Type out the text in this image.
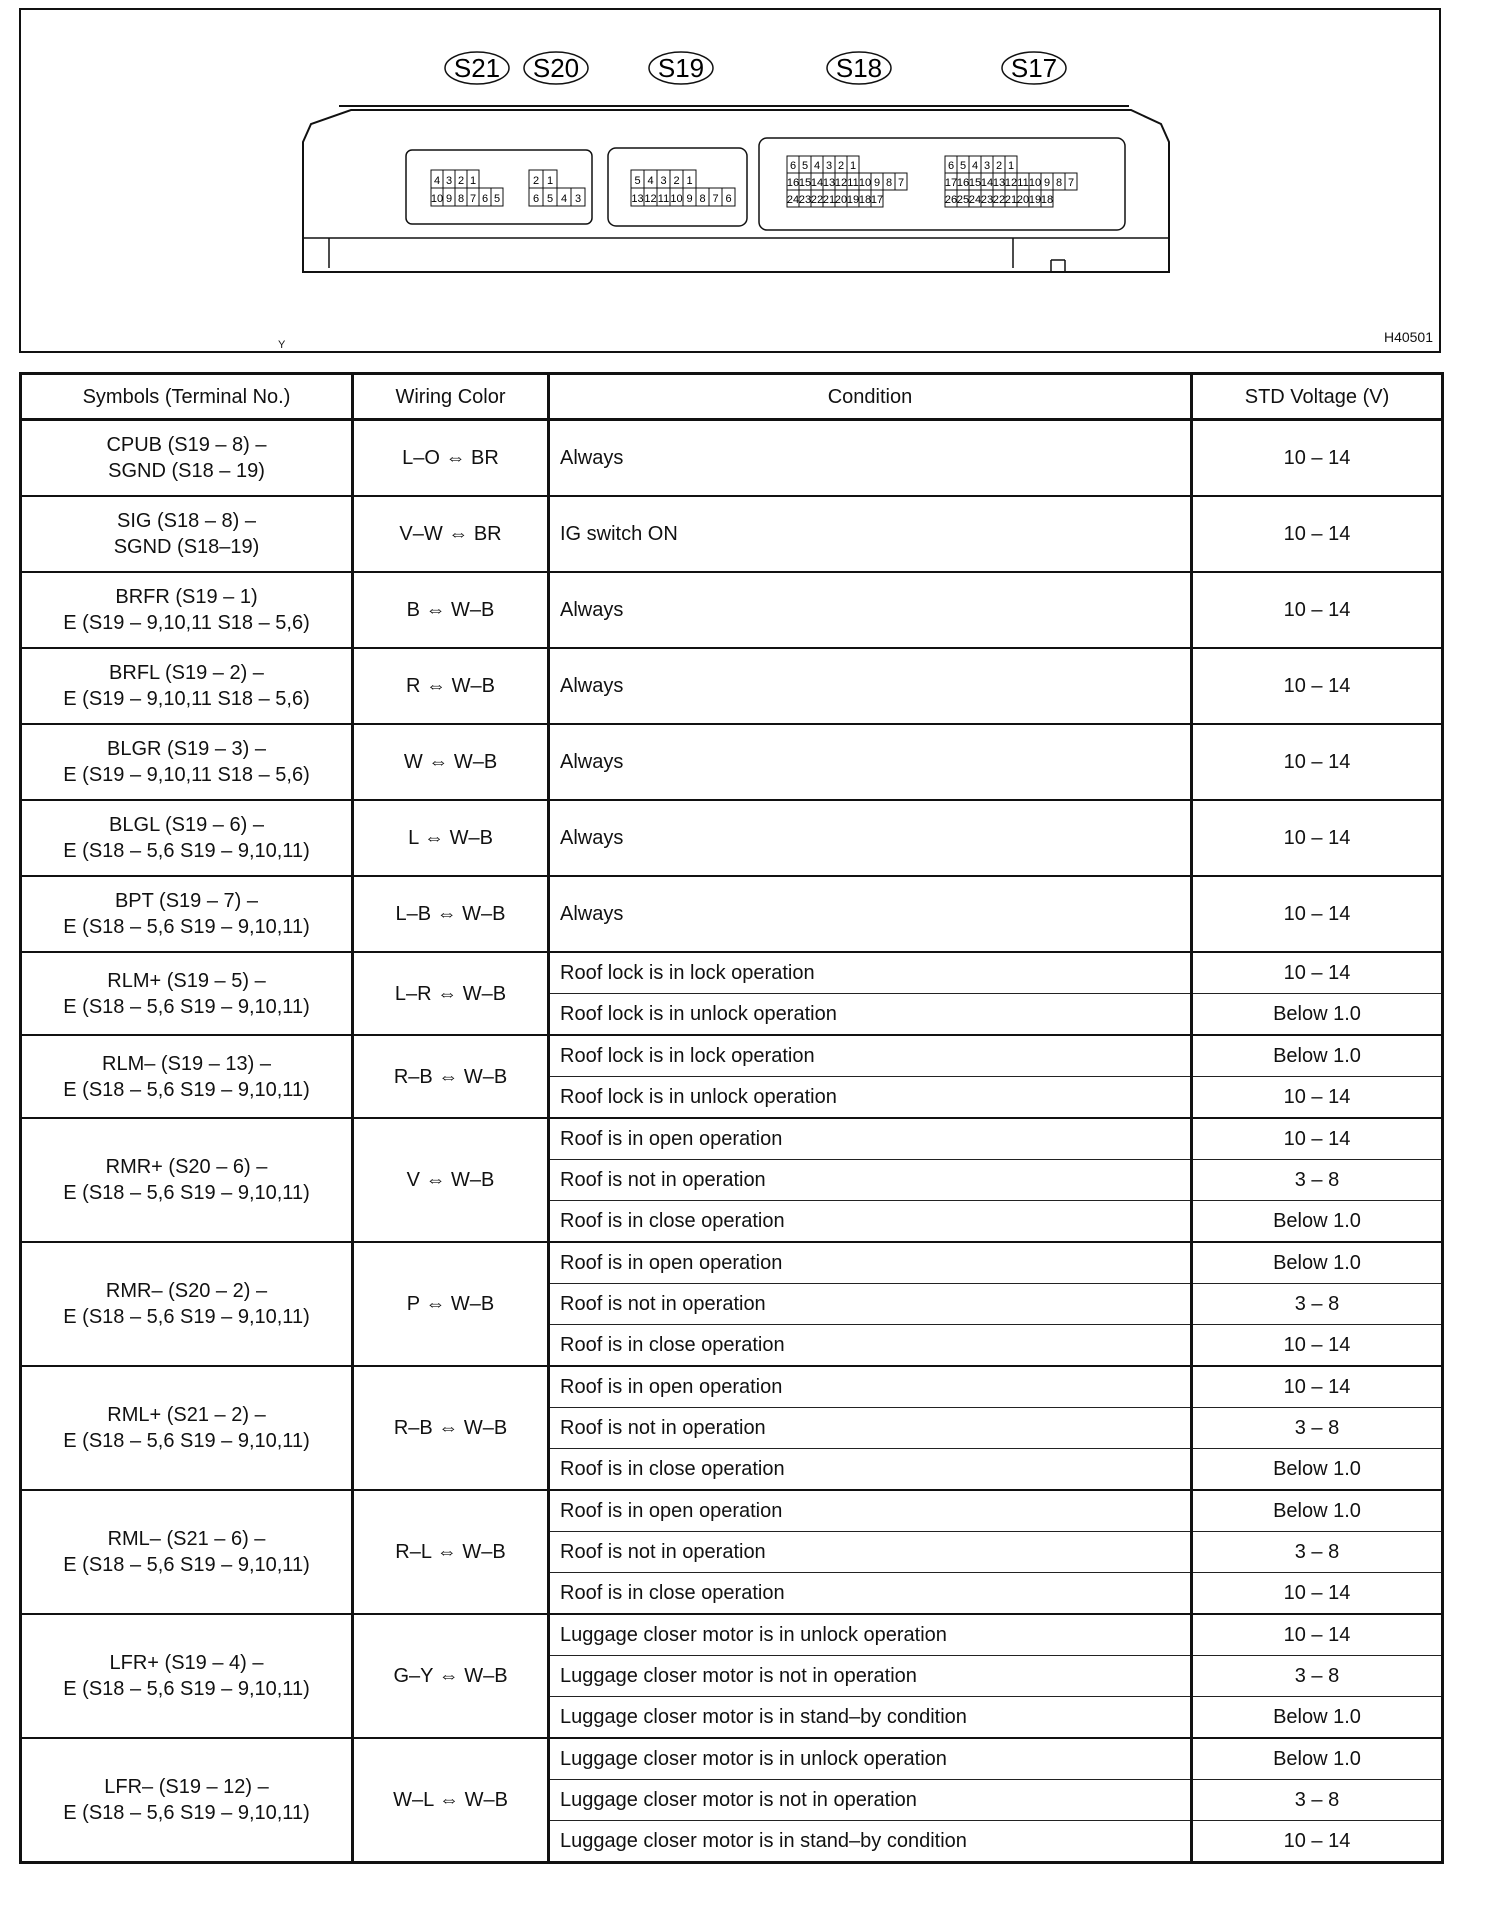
S21 S20	S19	S18	S17
4 3 2 1
10 9 8 7 6 5
2 1
6 5 4 3
5 4 3 2 1
13 12 11 10 9 8 7 6
6 5 4 3 2 1
16 15 14 13 12 11 10 9 8 7
24 23 22 21 20 19 18 17
6 5 4 3 2 1
17 16 15 14 13 12 11 10 9 8 7
26 25 24 23 22 21 20 19 18
Y	H40501
Symbols (Terminal No.)	Wiring Color	Condition	STD Voltage (V)

CPUB (S19 – 8) –
SGND (S18 – 19)	L–O ⇔ BR	Always	10 – 14

SIG (S18 – 8) –
SGND (S18–19)	V–W ⇔ BR	IG switch ON	10 – 14

BRFR (S19 – 1)
E (S19 – 9,10,11 S18 – 5,6)	B ⇔ W–B	Always	10 – 14

BRFL (S19 – 2) –
E (S19 – 9,10,11 S18 – 5,6)	R ⇔ W–B	Always	10 – 14

BLGR (S19 – 3) –
E (S19 – 9,10,11 S18 – 5,6)	W ⇔ W–B	Always	10 – 14

BLGL (S19 – 6) –
E (S18 – 5,6 S19 – 9,10,11)	L ⇔ W–B	Always	10 – 14

BPT (S19 – 7) –
E (S18 – 5,6 S19 – 9,10,11)	L–B ⇔ W–B	Always	10 – 14

RLM+ (S19 – 5) –
E (S18 – 5,6 S19 – 9,10,11)	L–R ⇔ W–B	Roof lock is in lock operation	10 – 14
		Roof lock is in unlock operation	Below 1.0

RLM– (S19 – 13) –
E (S18 – 5,6 S19 – 9,10,11)	R–B ⇔ W–B	Roof lock is in lock operation	Below 1.0
		Roof lock is in unlock operation	10 – 14

RMR+ (S20 – 6) –
E (S18 – 5,6 S19 – 9,10,11)	V ⇔ W–B	Roof is in open operation	10 – 14
		Roof is not in operation	3 – 8
		Roof is in close operation	Below 1.0

RMR– (S20 – 2) –
E (S18 – 5,6 S19 – 9,10,11)	P ⇔ W–B	Roof is in open operation	Below 1.0
		Roof is not in operation	3 – 8
		Roof is in close operation	10 – 14

RML+ (S21 – 2) –
E (S18 – 5,6 S19 – 9,10,11)	R–B ⇔ W–B	Roof is in open operation	10 – 14
		Roof is not in operation	3 – 8
		Roof is in close operation	Below 1.0

RML– (S21 – 6) –
E (S18 – 5,6 S19 – 9,10,11)	R–L ⇔ W–B	Roof is in open operation	Below 1.0
		Roof is not in operation	3 – 8
		Roof is in close operation	10 – 14

LFR+ (S19 – 4) –
E (S18 – 5,6 S19 – 9,10,11)	G–Y ⇔ W–B	Luggage closer motor is in unlock operation	10 – 14
		Luggage closer motor is not in operation	3 – 8
		Luggage closer motor is in stand–by condition	Below 1.0

LFR– (S19 – 12) –
E (S18 – 5,6 S19 – 9,10,11)	W–L ⇔ W–B	Luggage closer motor is in unlock operation	Below 1.0
		Luggage closer motor is not in operation	3 – 8
		Luggage closer motor is in stand–by condition	10 – 14
